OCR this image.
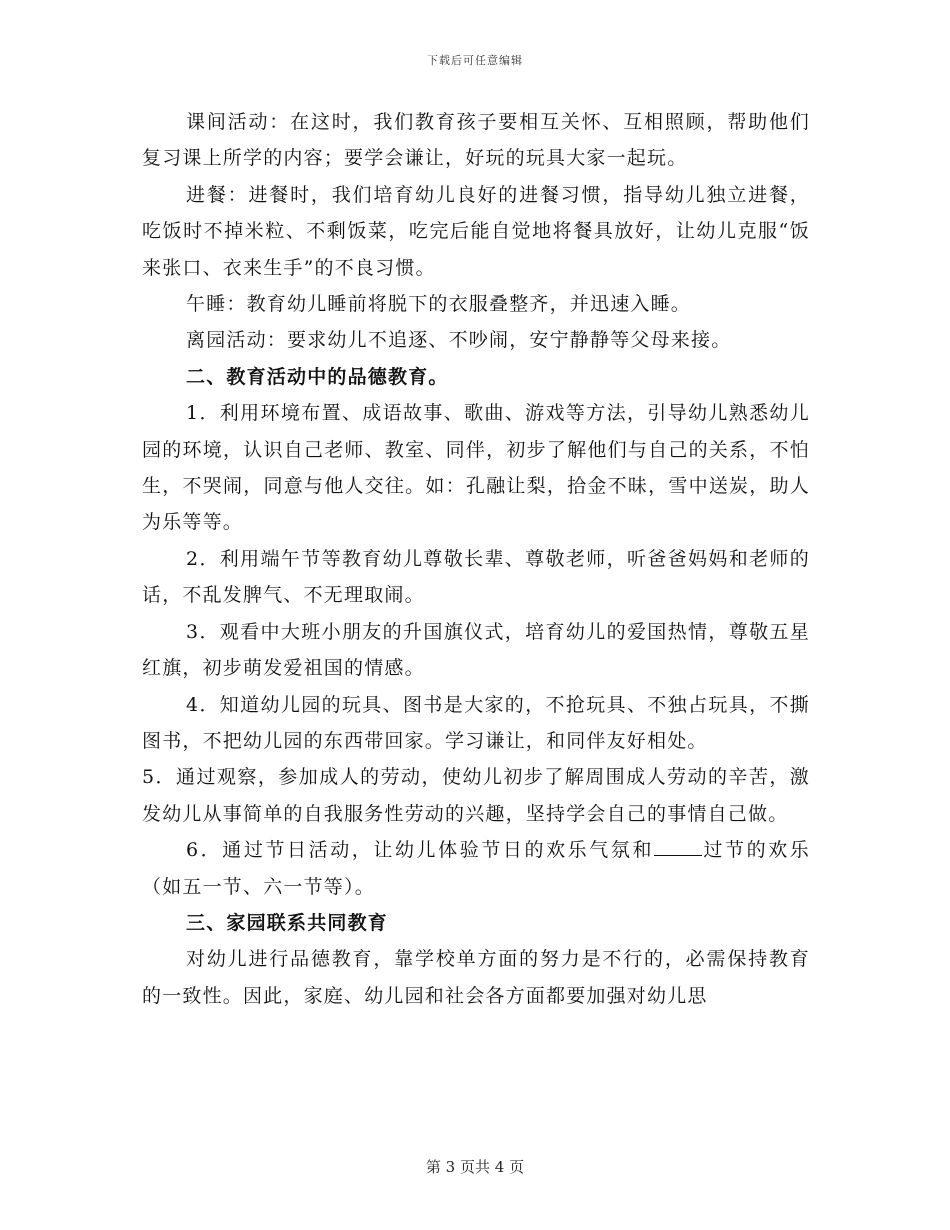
下载后可任意编辑

课间活动：在这时，我们教育孩子要相互关怀、互相照顾，帮助他们复习课上所学的内容；要学会谦让，好玩的玩具大家一起玩。

进餐：进餐时，我们培育幼儿良好的进餐习惯，指导幼儿独立进餐，吃饭时不掉米粒、不剩饭菜，吃完后能自觉地将餐具放好，让幼儿克服“饭来张口、衣来生手”的不良习惯。

午睡：教育幼儿睡前将脱下的衣服叠整齐，并迅速入睡。

离园活动：要求幼儿不追逐、不吵闹，安宁静静等父母来接。

二、教育活动中的品德教育。

1．利用环境布置、成语故事、歌曲、游戏等方法，引导幼儿熟悉幼儿园的环境，认识自己老师、教室、同伴，初步了解他们与自己的关系，不怕生，不哭闹，同意与他人交往。如：孔融让梨，拾金不昧，雪中送炭，助人为乐等等。

2．利用端午节等教育幼儿尊敬长辈、尊敬老师，听爸爸妈妈和老师的话，不乱发脾气、不无理取闹。

3．观看中大班小朋友的升国旗仪式，培育幼儿的爱国热情，尊敬五星红旗，初步萌发爱祖国的情感。

4．知道幼儿园的玩具、图书是大家的，不抢玩具、不独占玩具，不撕图书，不把幼儿园的东西带回家。学习谦让，和同伴友好相处。

5．通过观察，参加成人的劳动，使幼儿初步了解周围成人劳动的辛苦，激发幼儿从事简单的自我服务性劳动的兴趣，坚持学会自己的事情自己做。

6．通过节日活动，让幼儿体验节日的欢乐气氛和	过节的欢乐（如五一节、六一节等）。

三、家园联系共同教育

对幼儿进行品德教育，靠学校单方面的努力是不行的，必需保持教育的一致性。因此，家庭、幼儿园和社会各方面都要加强对幼儿思

第 3 页共 4 页
